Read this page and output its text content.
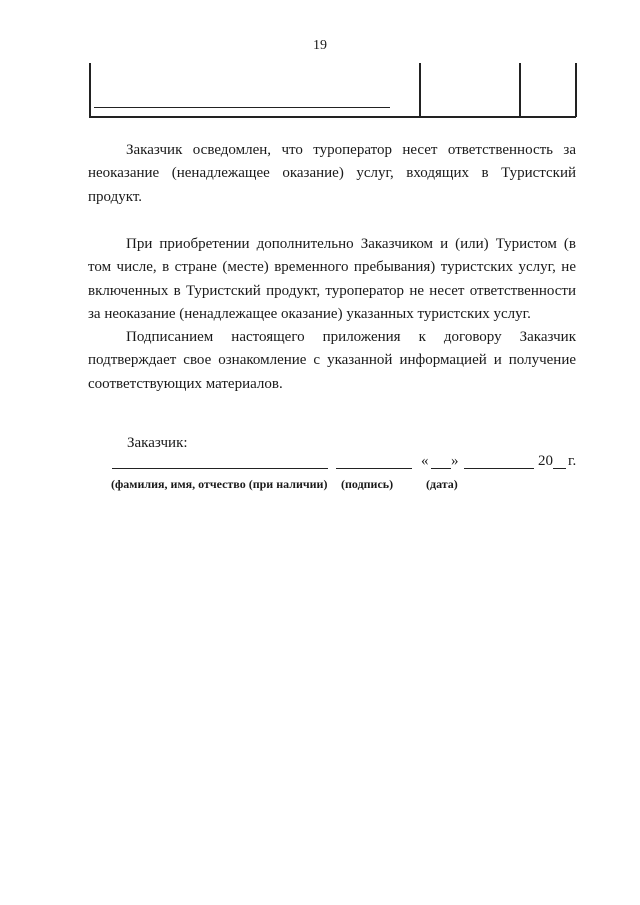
19

Заказчик осведомлен, что туроператор несет ответственность за неоказание (ненадлежащее оказание) услуг, входящих в Туристский продукт.

При приобретении дополнительно Заказчиком и (или) Туристом (в том числе, в стране (месте) временного пребывания) туристских услуг, не включенных в Туристский продукт, туроператор не несет ответственности за неоказание (ненадлежащее оказание) указанных туристских услуг.

Подписанием настоящего приложения к договору Заказчик подтверждает свое ознакомление с указанной информацией и получение соответствующих материалов.

Заказчик:
« »	20 г.
(фамилия, имя, отчество (при наличии) (подпись)	(дата)
